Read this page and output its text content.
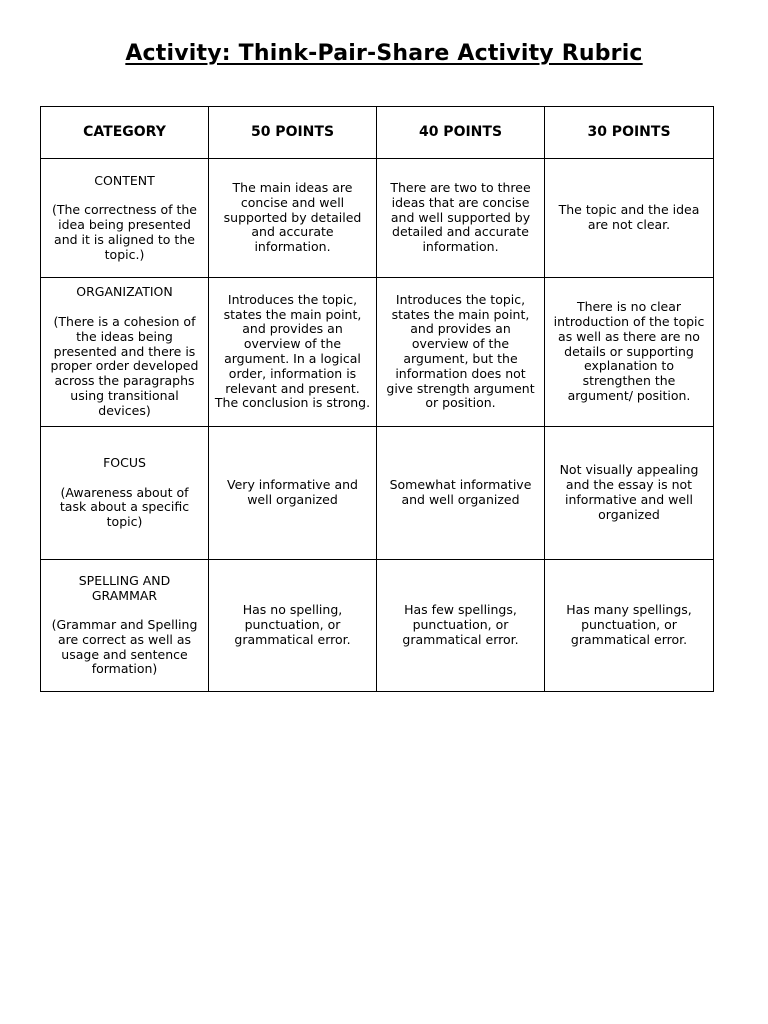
Activity: Think-Pair-Share Activity Rubric
CATEGORY	50 POINTS	40 POINTS	30 POINTS

CONTENT
(The correctness of the idea being presented and it is aligned to the topic.)	The main ideas are concise and well supported by detailed and accurate information.	There are two to three ideas that are concise and well supported by detailed and accurate information.	The topic and the idea are not clear.

ORGANIZATION
(There is a cohesion of the ideas being presented and there is proper order developed across the paragraphs using transitional devices)	Introduces the topic, states the main point, and provides an overview of the argument. In a logical order, information is relevant and present. The conclusion is strong.	Introduces the topic, states the main point, and provides an overview of the argument, but the information does not give strength argument or position.	There is no clear introduction of the topic as well as there are no details or supporting explanation to strengthen the argument/ position.

FOCUS
(Awareness about of task about a specific topic)	Very informative and well organized	Somewhat informative and well organized	Not visually appealing and the essay is not informative and well organized

SPELLING AND GRAMMAR
(Grammar and Spelling are correct as well as usage and sentence formation)	Has no spelling, punctuation, or grammatical error.	Has few spellings, punctuation, or grammatical error.	Has many spellings, punctuation, or grammatical error.
